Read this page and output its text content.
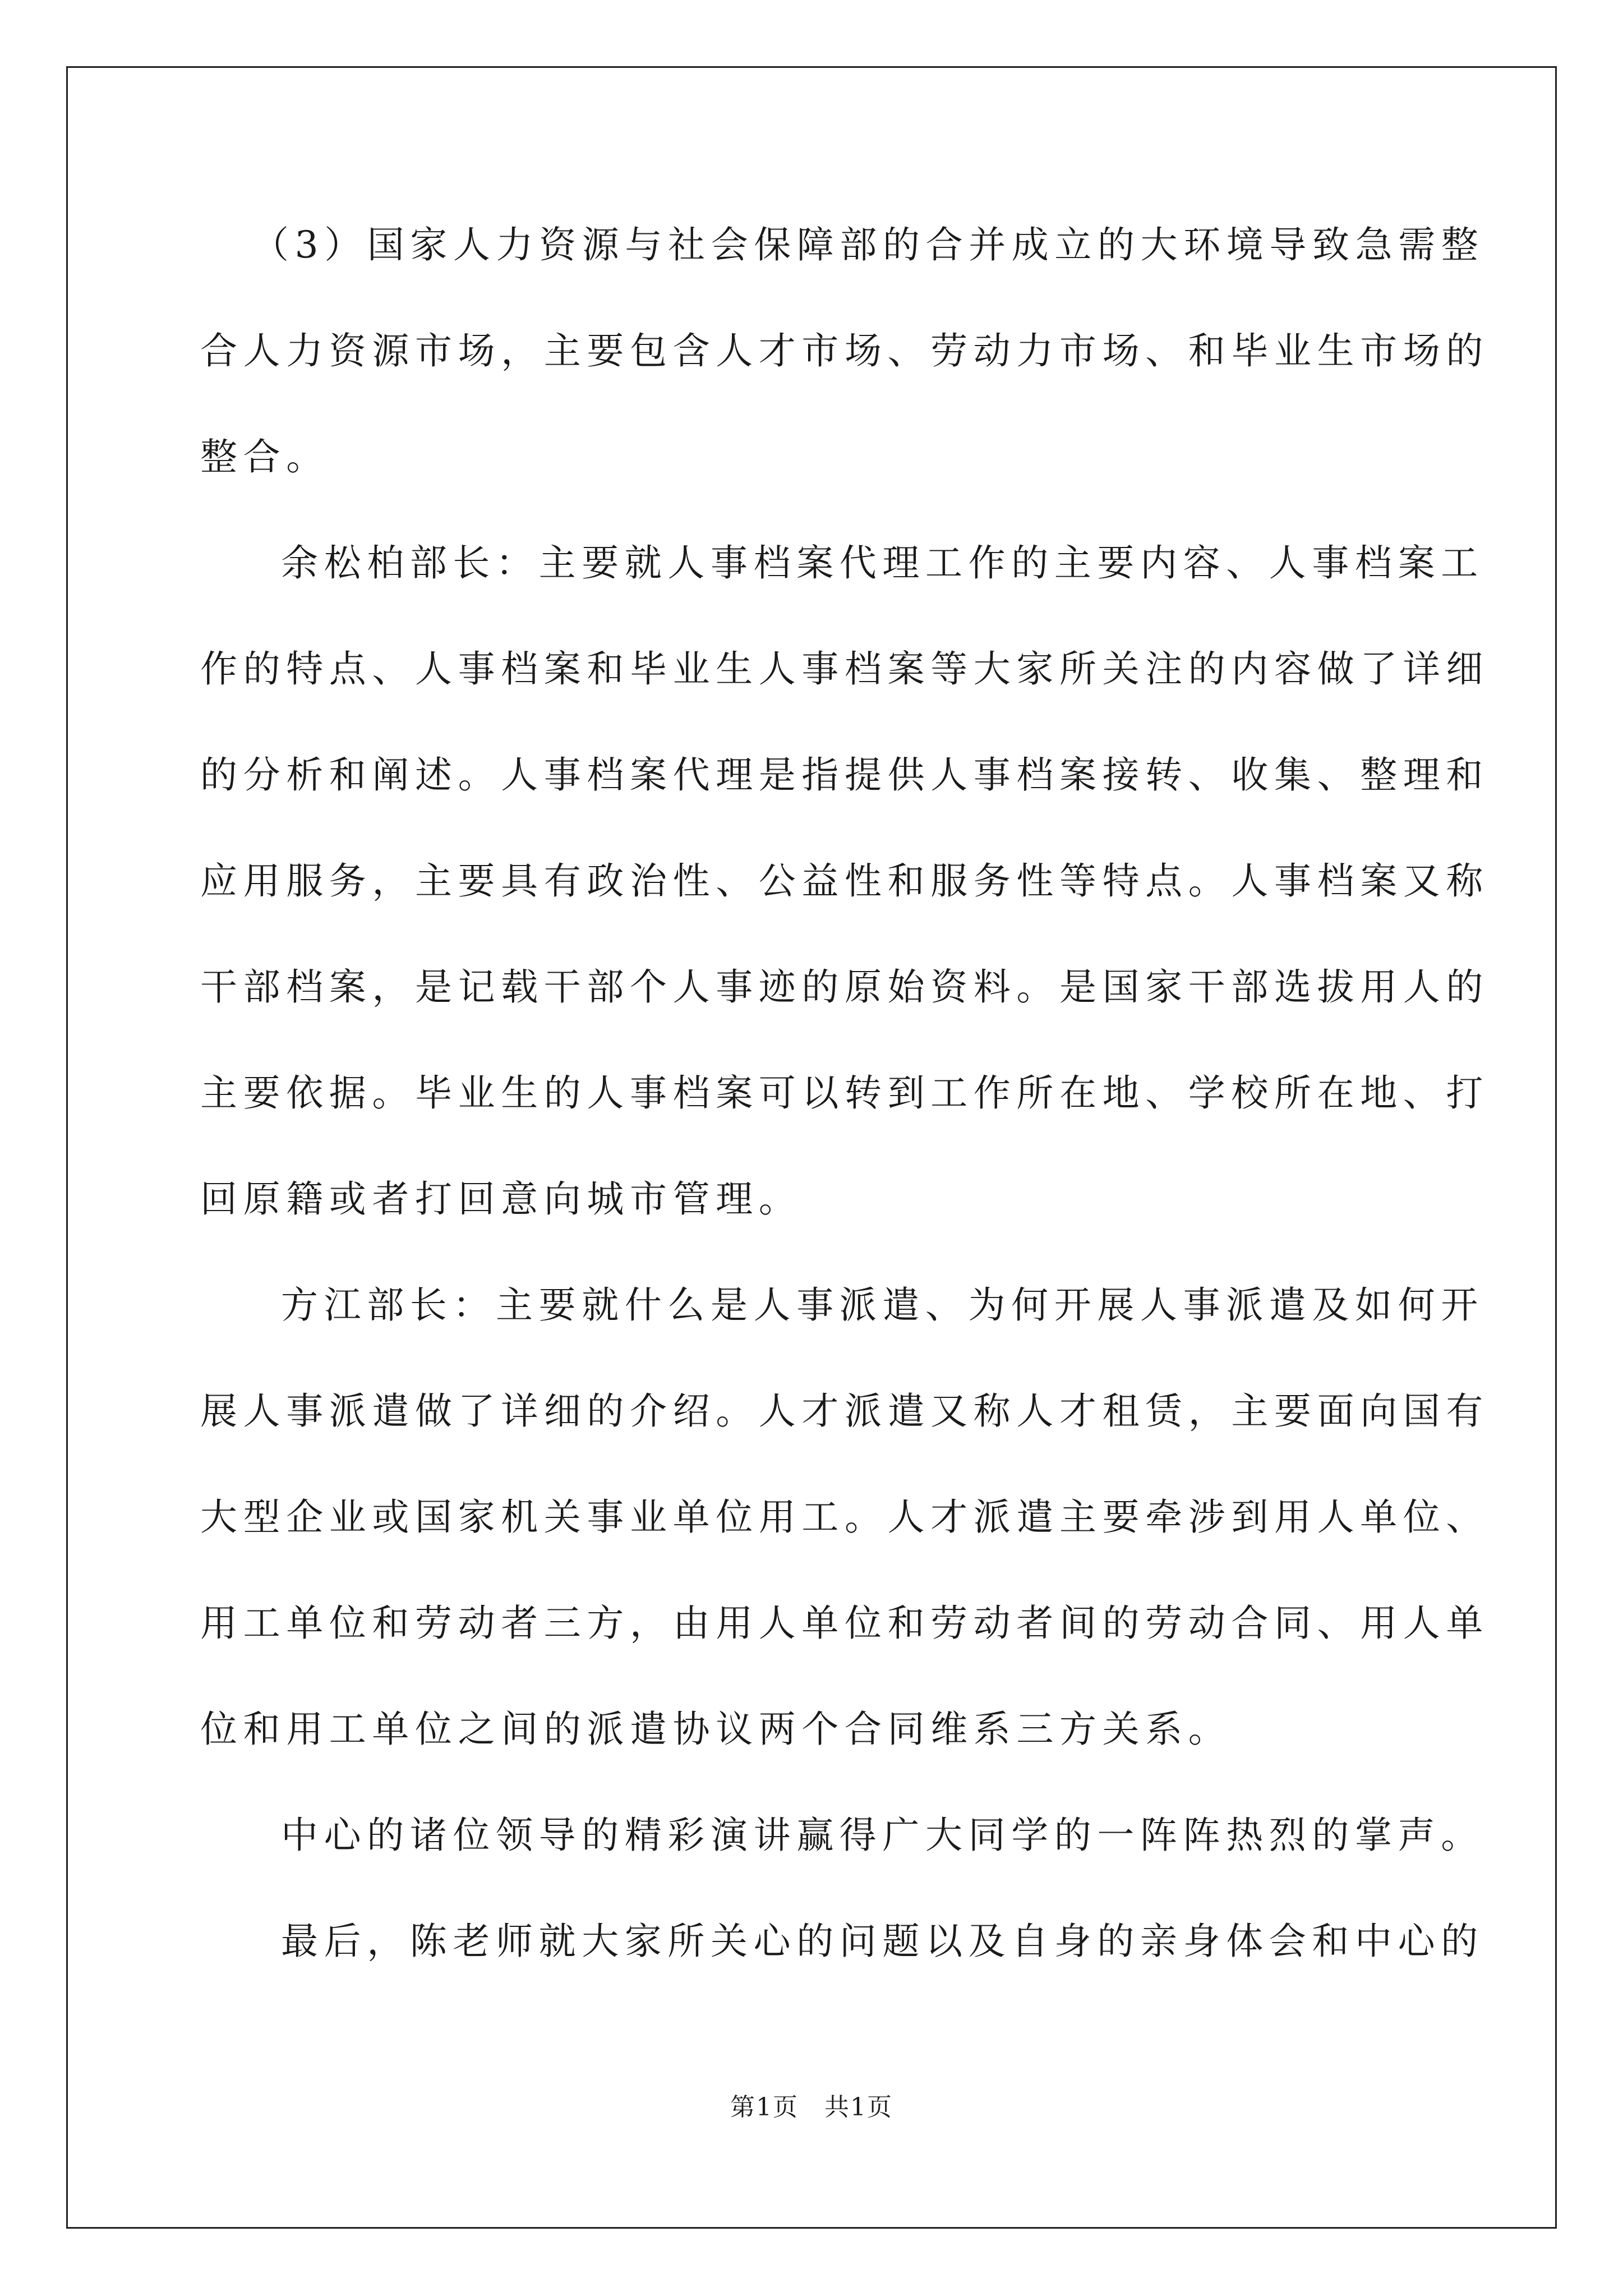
（3）国家人力资源与社会保障部的合并成立的大环境导致急需整
合人力资源市场，主要包含人才市场、劳动力市场、和毕业生市场的
整合。
余松柏部长：主要就人事档案代理工作的主要内容、人事档案工
作的特点、人事档案和毕业生人事档案等大家所关注的内容做了详细
的分析和阐述。人事档案代理是指提供人事档案接转、收集、整理和
应用服务，主要具有政治性、公益性和服务性等特点。人事档案又称
干部档案，是记载干部个人事迹的原始资料。是国家干部选拔用人的
主要依据。毕业生的人事档案可以转到工作所在地、学校所在地、打
回原籍或者打回意向城市管理。
方江部长：主要就什么是人事派遣、为何开展人事派遣及如何开
展人事派遣做了详细的介绍。人才派遣又称人才租赁，主要面向国有
大型企业或国家机关事业单位用工。人才派遣主要牵涉到用人单位、
用工单位和劳动者三方，由用人单位和劳动者间的劳动合同、用人单
位和用工单位之间的派遣协议两个合同维系三方关系。
中心的诸位领导的精彩演讲赢得广大同学的一阵阵热烈的掌声。
最后，陈老师就大家所关心的问题以及自身的亲身体会和中心的
第1页　共1页
